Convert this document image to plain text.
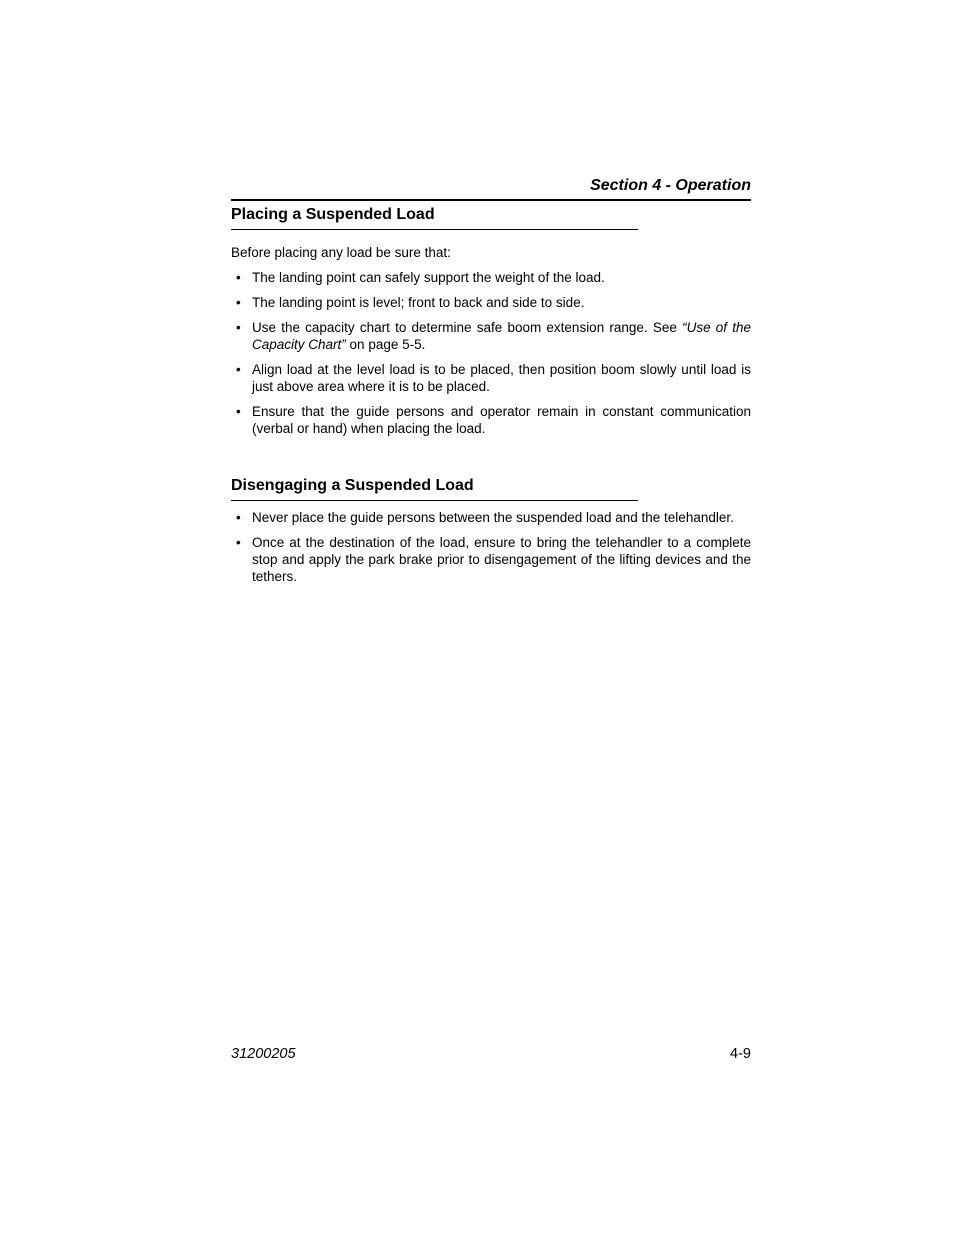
Section 4 - Operation
Placing a Suspended Load

Before placing any load be sure that:

• The landing point can safely support the weight of the load.
• The landing point is level; front to back and side to side.
• Use the capacity chart to determine safe boom extension range. See “Use of the Capacity Chart” on page 5-5.
• Align load at the level load is to be placed, then position boom slowly until load is just above area where it is to be placed.
• Ensure that the guide persons and operator remain in constant communication (verbal or hand) when placing the load.
Disengaging a Suspended Load
• Never place the guide persons between the suspended load and the telehandler.
• Once at the destination of the load, ensure to bring the telehandler to a complete stop and apply the park brake prior to disengagement of the lifting devices and the tethers.
31200205	4-9
